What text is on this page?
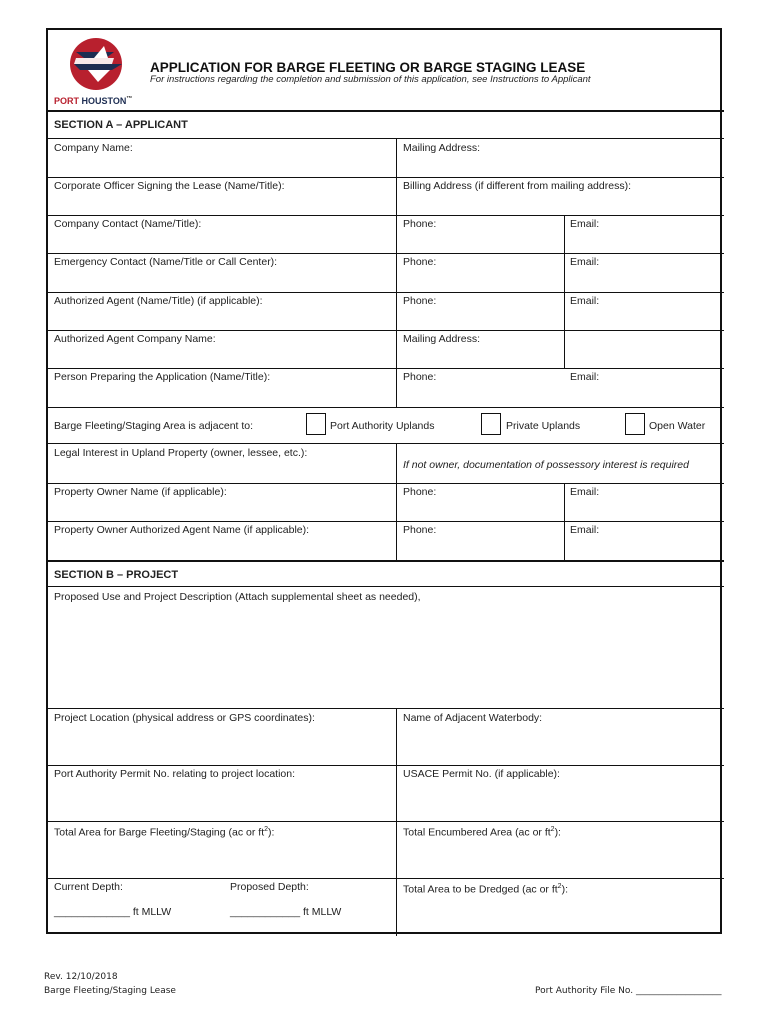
PORT HOUSTON™
APPLICATION FOR BARGE FLEETING OR BARGE STAGING LEASE
For instructions regarding the completion and submission of this application, see Instructions to Applicant
SECTION A – APPLICANT
Company Name:	Mailing Address:
Corporate Officer Signing the Lease (Name/Title):	Billing Address (if different from mailing address):
Company Contact (Name/Title):	Phone:	Email:
Emergency Contact (Name/Title or Call Center):	Phone:	Email:
Authorized Agent (Name/Title) (if applicable):	Phone:	Email:
Authorized Agent Company Name:	Mailing Address:
Person Preparing the Application (Name/Title):	Phone:	Email:
Barge Fleeting/Staging Area is adjacent to:	Port Authority Uplands	Private Uplands	Open Water
Legal Interest in Upland Property (owner, lessee, etc.):
If not owner, documentation of possessory interest is required
Property Owner Name (if applicable):	Phone:	Email:
Property Owner Authorized Agent Name (if applicable):	Phone:	Email:
SECTION B – PROJECT
Proposed Use and Project Description (Attach supplemental sheet as needed),
Project Location (physical address or GPS coordinates):	Name of Adjacent Waterbody:
Port Authority Permit No. relating to project location:	USACE Permit No. (if applicable):
Total Area for Barge Fleeting/Staging (ac or $ft^2$):	Total Encumbered Area (ac or $ft^2$):
Current Depth:	Proposed Depth:
_____________ ft MLLW	____________ ft MLLW
Total Area to be Dredged (ac or $ft^2$):
Rev. 12/10/2018
Barge Fleeting/Staging Lease	Port Authority File No. ___________________
